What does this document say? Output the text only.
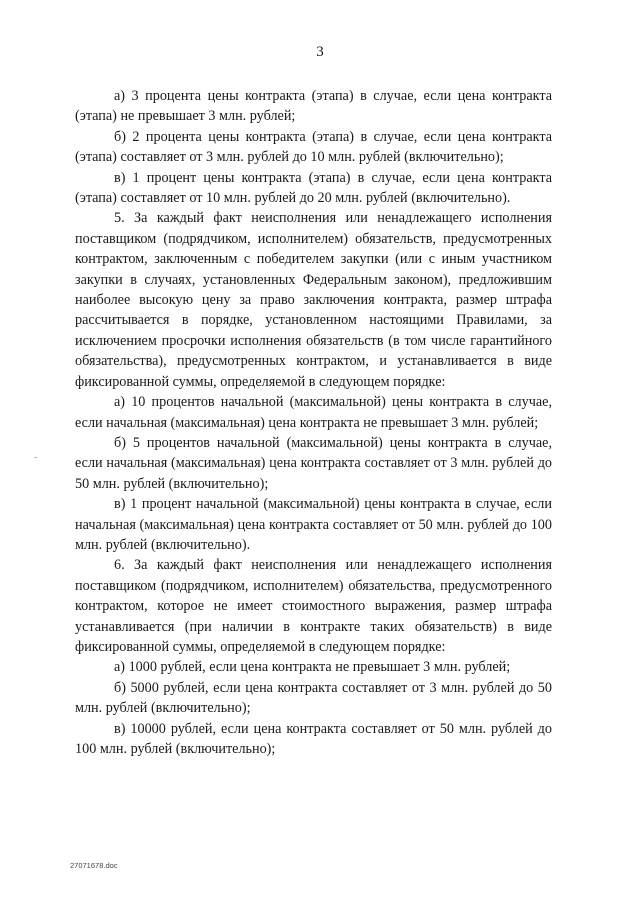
3

а) 3 процента цены контракта (этапа) в случае, если цена контракта (этапа) не превышает 3 млн. рублей;

б) 2 процента цены контракта (этапа) в случае, если цена контракта (этапа) составляет от 3 млн. рублей до 10 млн. рублей (включительно);

в) 1 процент цены контракта (этапа) в случае, если цена контракта (этапа) составляет от 10 млн. рублей до 20 млн. рублей (включительно).

5. За каждый факт неисполнения или ненадлежащего исполнения поставщиком (подрядчиком, исполнителем) обязательств, предусмотренных контрактом, заключенным с победителем закупки (или с иным участником закупки в случаях, установленных Федеральным законом), предложившим наиболее высокую цену за право заключения контракта, размер штрафа рассчитывается в порядке, установленном настоящими Правилами, за исключением просрочки исполнения обязательств (в том числе гарантийного обязательства), предусмотренных контрактом, и устанавливается в виде фиксированной суммы, определяемой в следующем порядке:

а) 10 процентов начальной (максимальной) цены контракта в случае, если начальная (максимальная) цена контракта не превышает 3 млн. рублей;

б) 5 процентов начальной (максимальной) цены контракта в случае, если начальная (максимальная) цена контракта составляет от 3 млн. рублей до 50 млн. рублей (включительно);

в) 1 процент начальной (максимальной) цены контракта в случае, если начальная (максимальная) цена контракта составляет от 50 млн. рублей до 100 млн. рублей (включительно).

6. За каждый факт неисполнения или ненадлежащего исполнения поставщиком (подрядчиком, исполнителем) обязательства, предусмотренного контрактом, которое не имеет стоимостного выражения, размер штрафа устанавливается (при наличии в контракте таких обязательств) в виде фиксированной суммы, определяемой в следующем порядке:

а) 1000 рублей, если цена контракта не превышает 3 млн. рублей;

б) 5000 рублей, если цена контракта составляет от 3 млн. рублей до 50 млн. рублей (включительно);

в) 10000 рублей, если цена контракта составляет от 50 млн. рублей до 100 млн. рублей (включительно);

27071678.doc
